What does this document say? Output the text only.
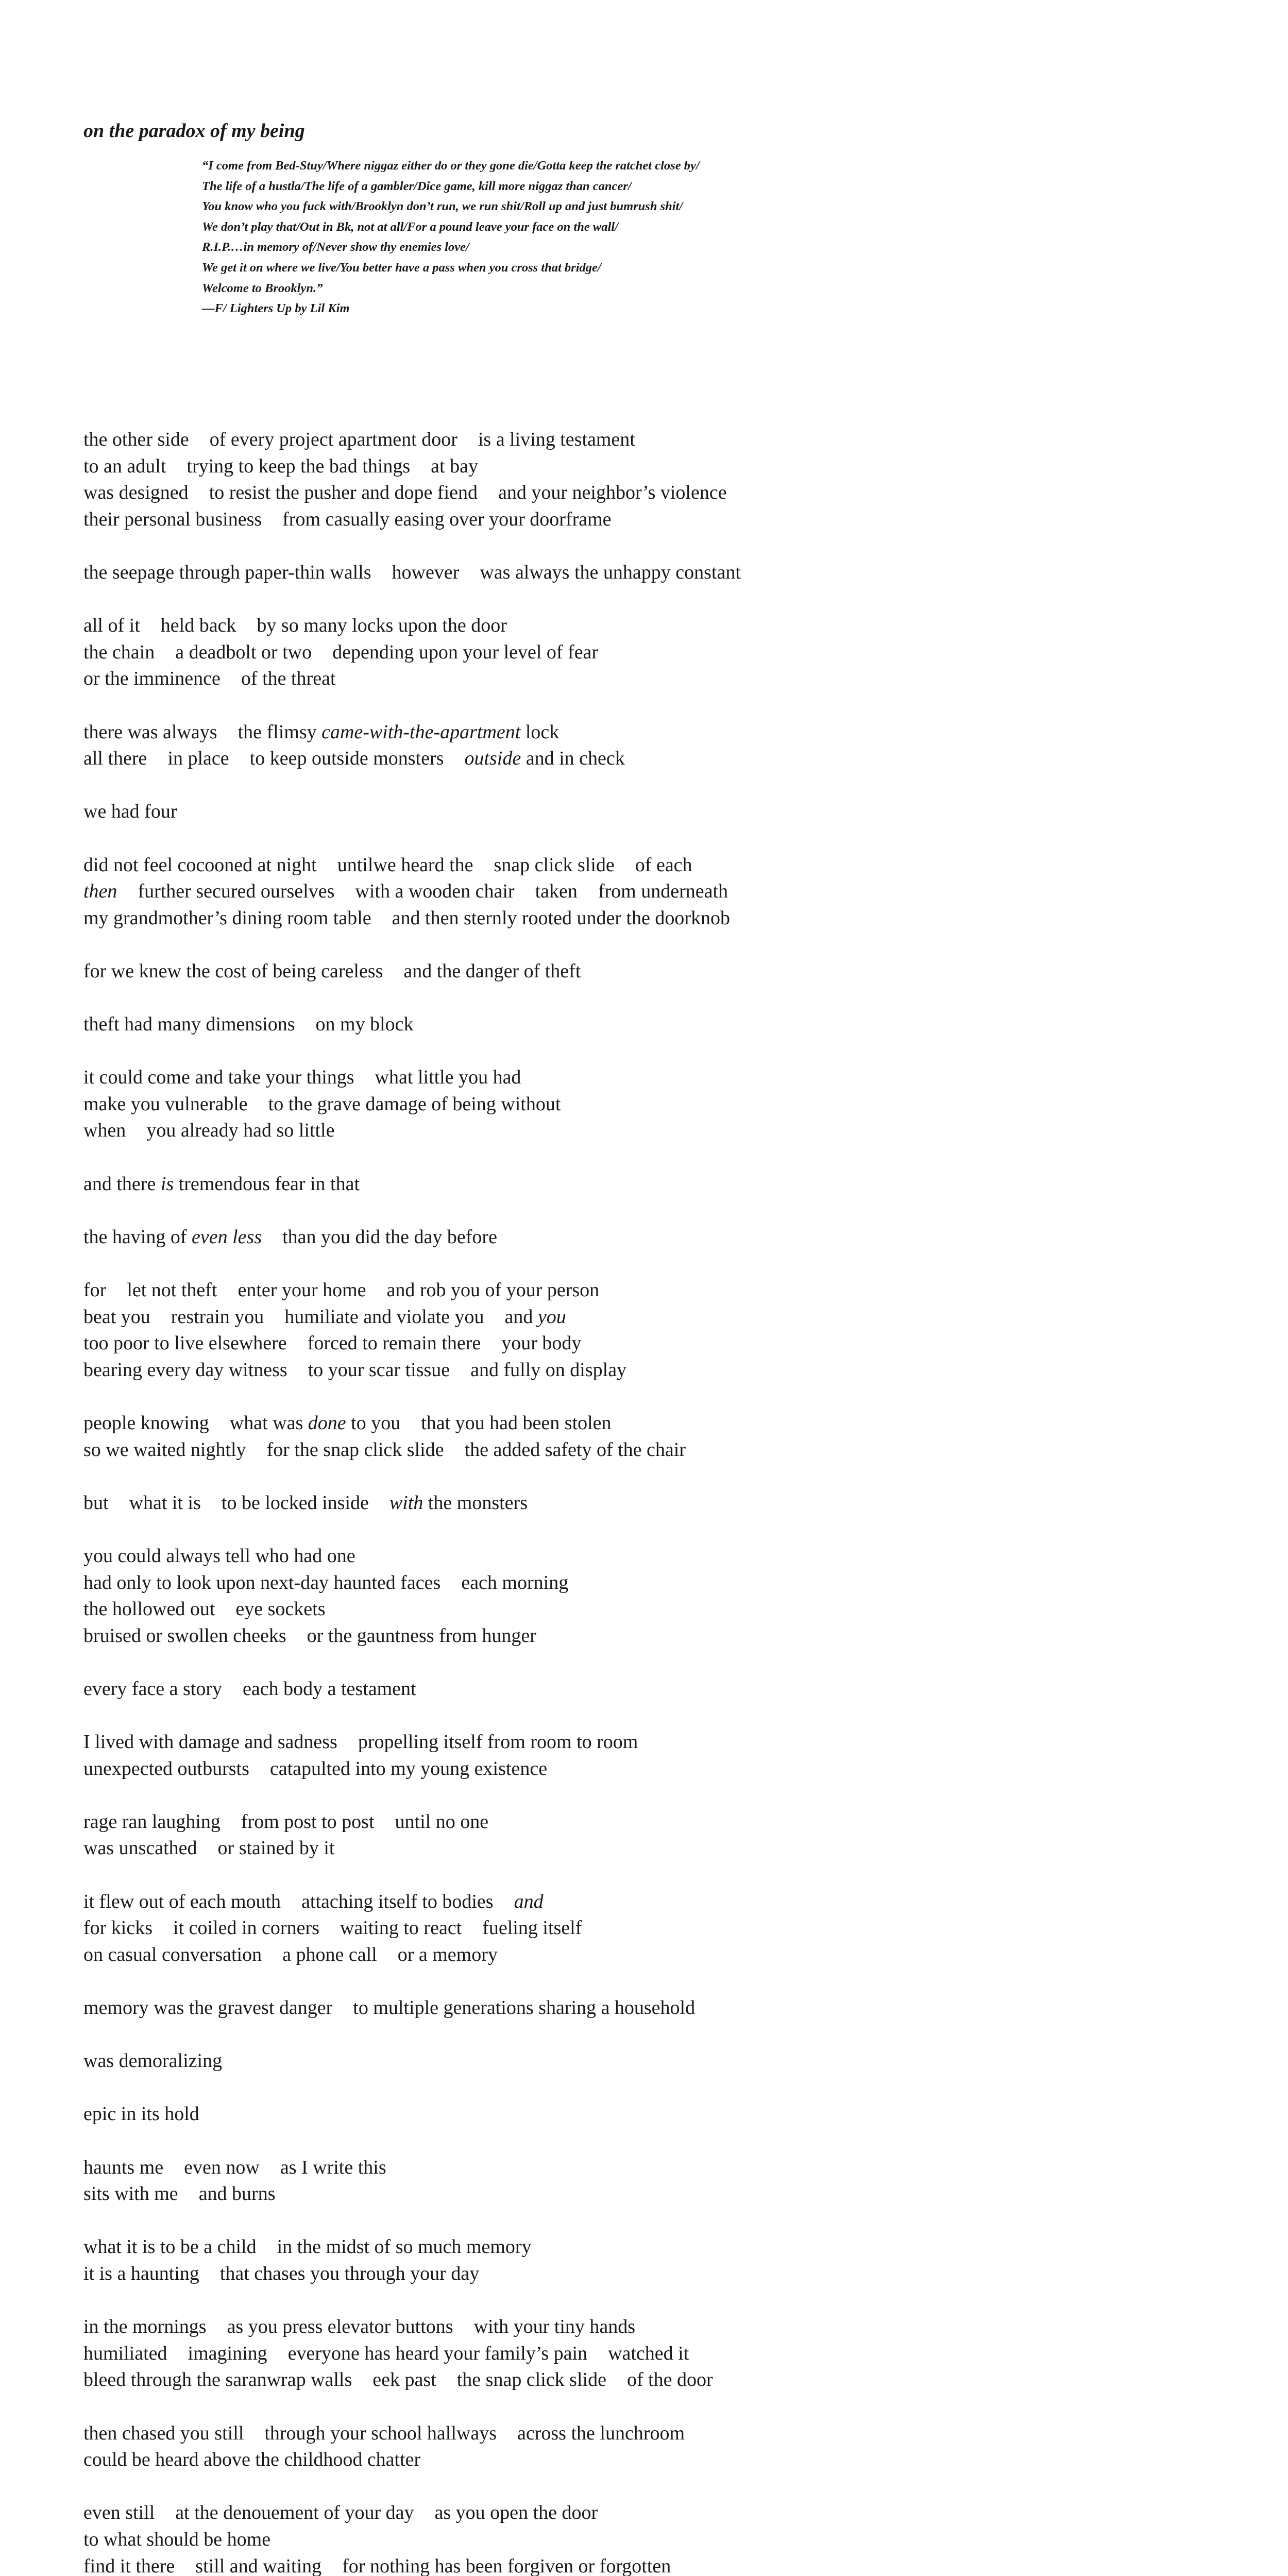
on the paradox of my being
“I come from Bed-Stuy/Where niggaz either do or they gone die/Gotta keep the ratchet close by/
The life of a hustla/The life of a gambler/Dice game, kill more niggaz than cancer/
You know who you fuck with/Brooklyn don’t run, we run shit/Roll up and just bumrush shit/
We don’t play that/Out in Bk, not at all/For a pound leave your face on the wall/
R.I.P.…in memory of/Never show thy enemies love/
We get it on where we live/You better have a pass when you cross that bridge/
Welcome to Brooklyn.”
—F/ Lighters Up by Lil Kim
the other side of every project apartment door is a living testament
to an adult trying to keep the bad things at bay
was designed to resist the pusher and dope fiend and your neighbor’s violence
their personal business from casually easing over your doorframe
the seepage through paper-thin walls however was always the unhappy constant
all of it held back by so many locks upon the door
the chain a deadbolt or two depending upon your level of fear
or the imminence of the threat
there was always the flimsy came-with-the-apartment lock
all there in place to keep outside monsters outside and in check
we had four
did not feel cocooned at night untilwe heard the snap click slide of each
then further secured ourselves with a wooden chair taken from underneath
my grandmother’s dining room table and then sternly rooted under the doorknob
for we knew the cost of being careless and the danger of theft
theft had many dimensions on my block
it could come and take your things what little you had
make you vulnerable to the grave damage of being without
when you already had so little
and there is tremendous fear in that
the having of even less than you did the day before
for let not theft enter your home and rob you of your person
beat you restrain you humiliate and violate you and you
too poor to live elsewhere forced to remain there your body
bearing every day witness to your scar tissue and fully on display
people knowing what was done to you that you had been stolen
so we waited nightly for the snap click slide the added safety of the chair
but what it is to be locked inside with the monsters
you could always tell who had one
had only to look upon next-day haunted faces each morning
the hollowed out eye sockets
bruised or swollen cheeks or the gauntness from hunger
every face a story each body a testament
I lived with damage and sadness propelling itself from room to room
unexpected outbursts catapulted into my young existence
rage ran laughing from post to post until no one
was unscathed or stained by it
it flew out of each mouth attaching itself to bodies and
for kicks it coiled in corners waiting to react fueling itself
on casual conversation a phone call or a memory
memory was the gravest danger to multiple generations sharing a household
was demoralizing
epic in its hold
haunts me even now as I write this
sits with me and burns
what it is to be a child in the midst of so much memory
it is a haunting that chases you through your day
in the mornings as you press elevator buttons with your tiny hands
humiliated imagining everyone has heard your family’s pain watched it
bleed through the saranwrap walls eek past the snap click slide of the door
then chased you still through your school hallways across the lunchroom
could be heard above the childhood chatter
even still at the denouement of your day as you open the door
to what should be home
find it there still and waiting for nothing has been forgiven or forgotten
